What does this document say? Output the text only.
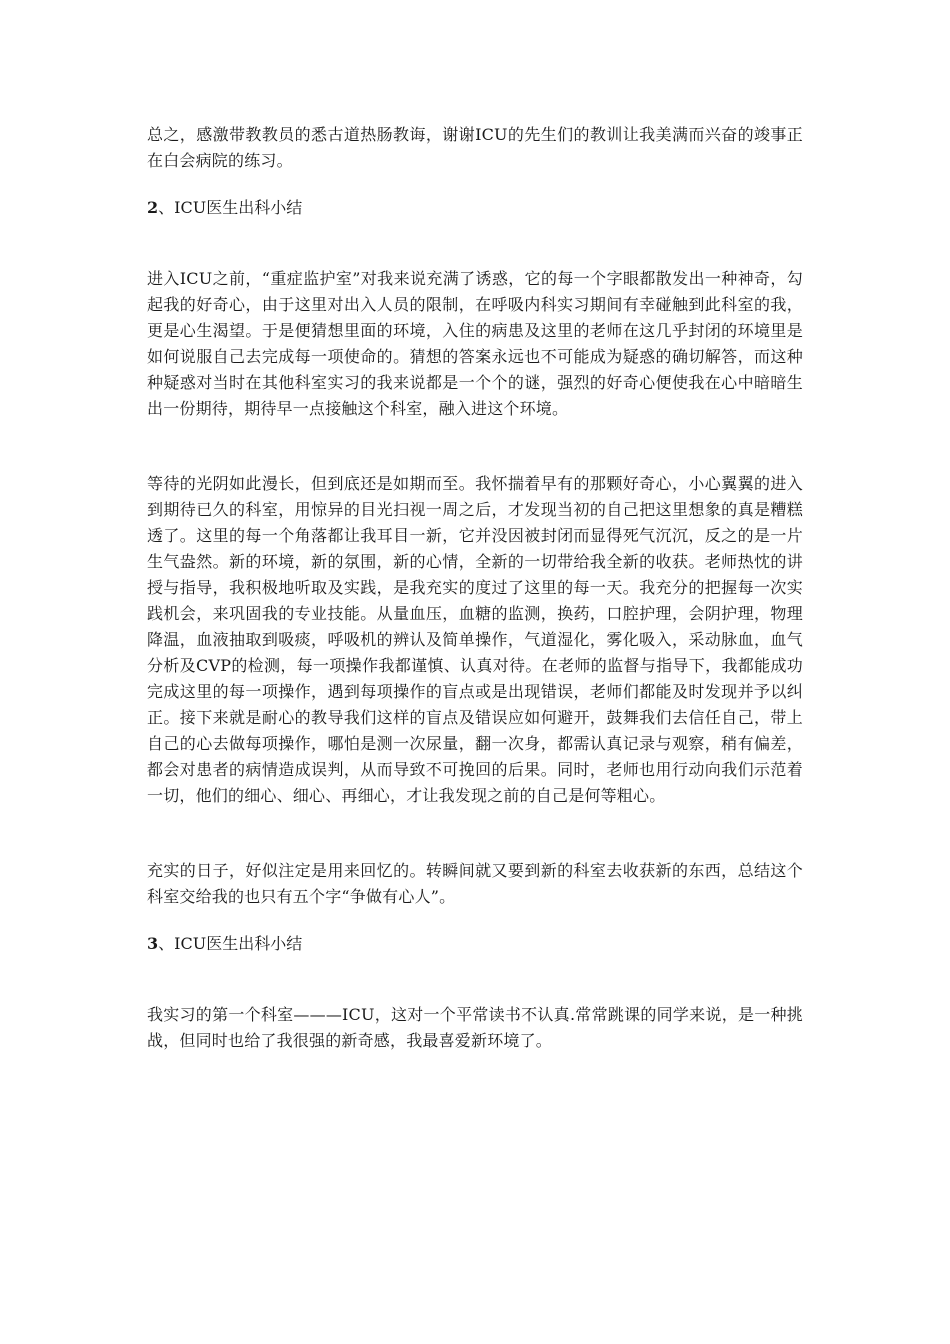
总之，感激带教教员的悉古道热肠教诲，谢谢ICU的先生们的教训让我美满而兴奋的竣事正在白会病院的练习。

2、ICU医生出科小结

进入ICU之前，“重症监护室”对我来说充满了诱惑，它的每一个字眼都散发出一种神奇，勾起我的好奇心，由于这里对出入人员的限制，在呼吸内科实习期间有幸碰触到此科室的我，更是心生渴望。于是便猜想里面的环境，入住的病患及这里的老师在这几乎封闭的环境里是如何说服自己去完成每一项使命的。猜想的答案永远也不可能成为疑惑的确切解答，而这种种疑惑对当时在其他科室实习的我来说都是一个个的谜，强烈的好奇心便使我在心中暗暗生出一份期待，期待早一点接触这个科室，融入进这个环境。

等待的光阴如此漫长，但到底还是如期而至。我怀揣着早有的那颗好奇心，小心翼翼的进入到期待已久的科室，用惊异的目光扫视一周之后，才发现当初的自己把这里想象的真是糟糕透了。这里的每一个角落都让我耳目一新，它并没因被封闭而显得死气沉沉，反之的是一片生气盎然。新的环境，新的氛围，新的心情，全新的一切带给我全新的收获。老师热忱的讲授与指导，我积极地听取及实践，是我充实的度过了这里的每一天。我充分的把握每一次实践机会，来巩固我的专业技能。从量血压，血糖的监测，换药，口腔护理，会阴护理，物理降温，血液抽取到吸痰，呼吸机的辨认及简单操作，气道湿化，雾化吸入，采动脉血，血气分析及CVP的检测，每一项操作我都谨慎、认真对待。在老师的监督与指导下，我都能成功完成这里的每一项操作，遇到每项操作的盲点或是出现错误，老师们都能及时发现并予以纠正。接下来就是耐心的教导我们这样的盲点及错误应如何避开，鼓舞我们去信任自己，带上自己的心去做每项操作，哪怕是测一次尿量，翻一次身，都需认真记录与观察，稍有偏差，都会对患者的病情造成误判，从而导致不可挽回的后果。同时，老师也用行动向我们示范着一切，他们的细心、细心、再细心，才让我发现之前的自己是何等粗心。

充实的日子，好似注定是用来回忆的。转瞬间就又要到新的科室去收获新的东西，总结这个科室交给我的也只有五个字“争做有心人”。

3、ICU医生出科小结

我实习的第一个科室———ICU，这对一个平常读书不认真.常常跳课的同学来说，是一种挑战，但同时也给了我很强的新奇感，我最喜爱新环境了。
